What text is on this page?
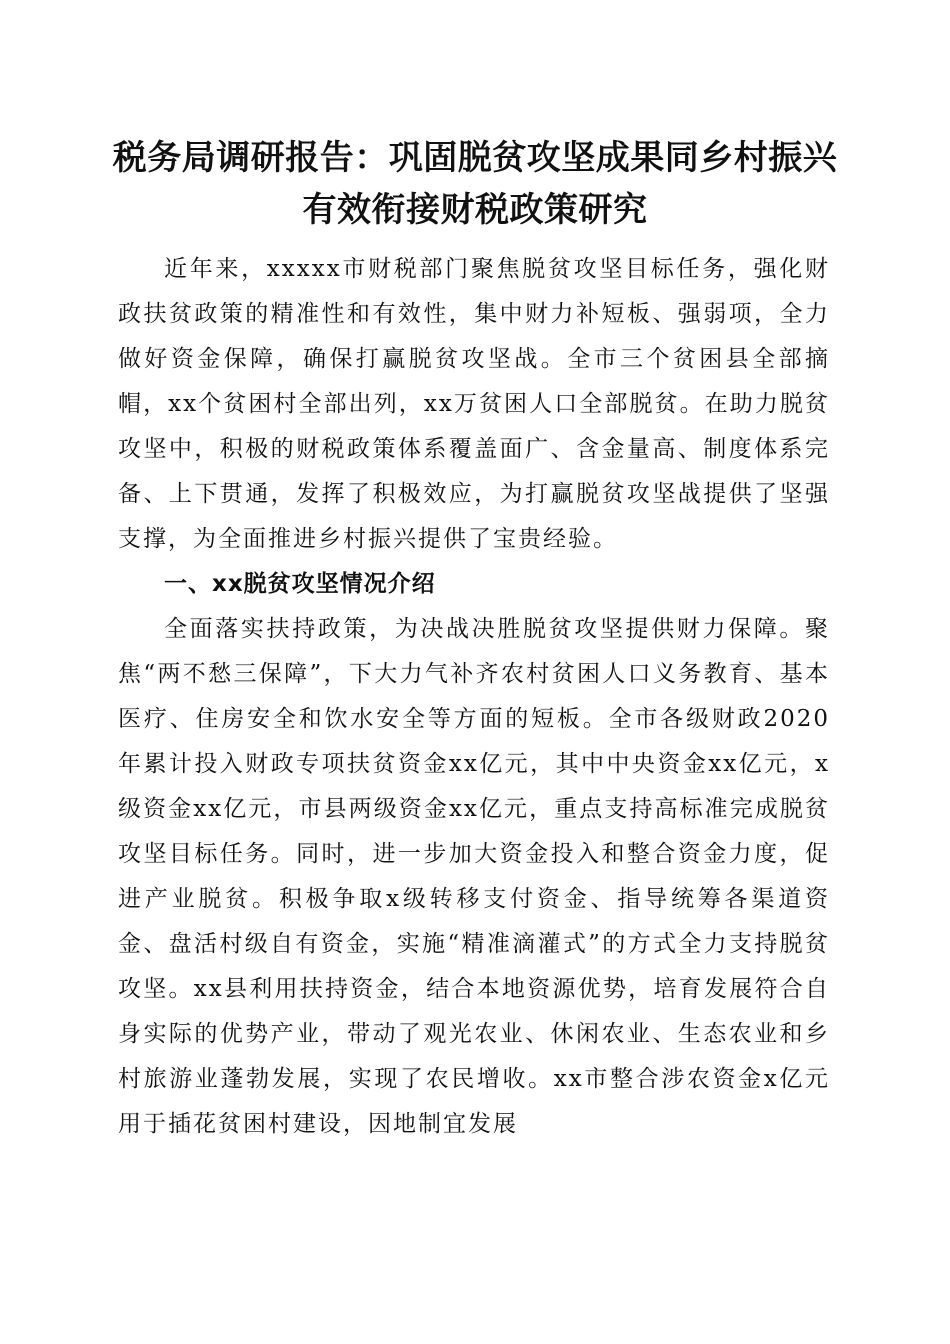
税务局调研报告：巩固脱贫攻坚成果同乡村振兴有效衔接财税政策研究

近年来，xxxxx市财税部门聚焦脱贫攻坚目标任务，强化财政扶贫政策的精准性和有效性，集中财力补短板、强弱项，全力做好资金保障，确保打赢脱贫攻坚战。全市三个贫困县全部摘帽，xx个贫困村全部出列，xx万贫困人口全部脱贫。在助力脱贫攻坚中，积极的财税政策体系覆盖面广、含金量高、制度体系完备、上下贯通，发挥了积极效应，为打赢脱贫攻坚战提供了坚强支撑，为全面推进乡村振兴提供了宝贵经验。

一、xx脱贫攻坚情况介绍

全面落实扶持政策，为决战决胜脱贫攻坚提供财力保障。聚焦“两不愁三保障”，下大力气补齐农村贫困人口义务教育、基本医疗、住房安全和饮水安全等方面的短板。全市各级财政2020年累计投入财政专项扶贫资金xx亿元，其中中央资金xx亿元，x级资金xx亿元，市县两级资金xx亿元，重点支持高标准完成脱贫攻坚目标任务。同时，进一步加大资金投入和整合资金力度，促进产业脱贫。积极争取x级转移支付资金、指导统筹各渠道资金、盘活村级自有资金，实施“精准滴灌式”的方式全力支持脱贫攻坚。xx县利用扶持资金，结合本地资源优势，培育发展符合自身实际的优势产业，带动了观光农业、休闲农业、生态农业和乡村旅游业蓬勃发展，实现了农民增收。xx市整合涉农资金x亿元用于插花贫困村建设，因地制宜发展
